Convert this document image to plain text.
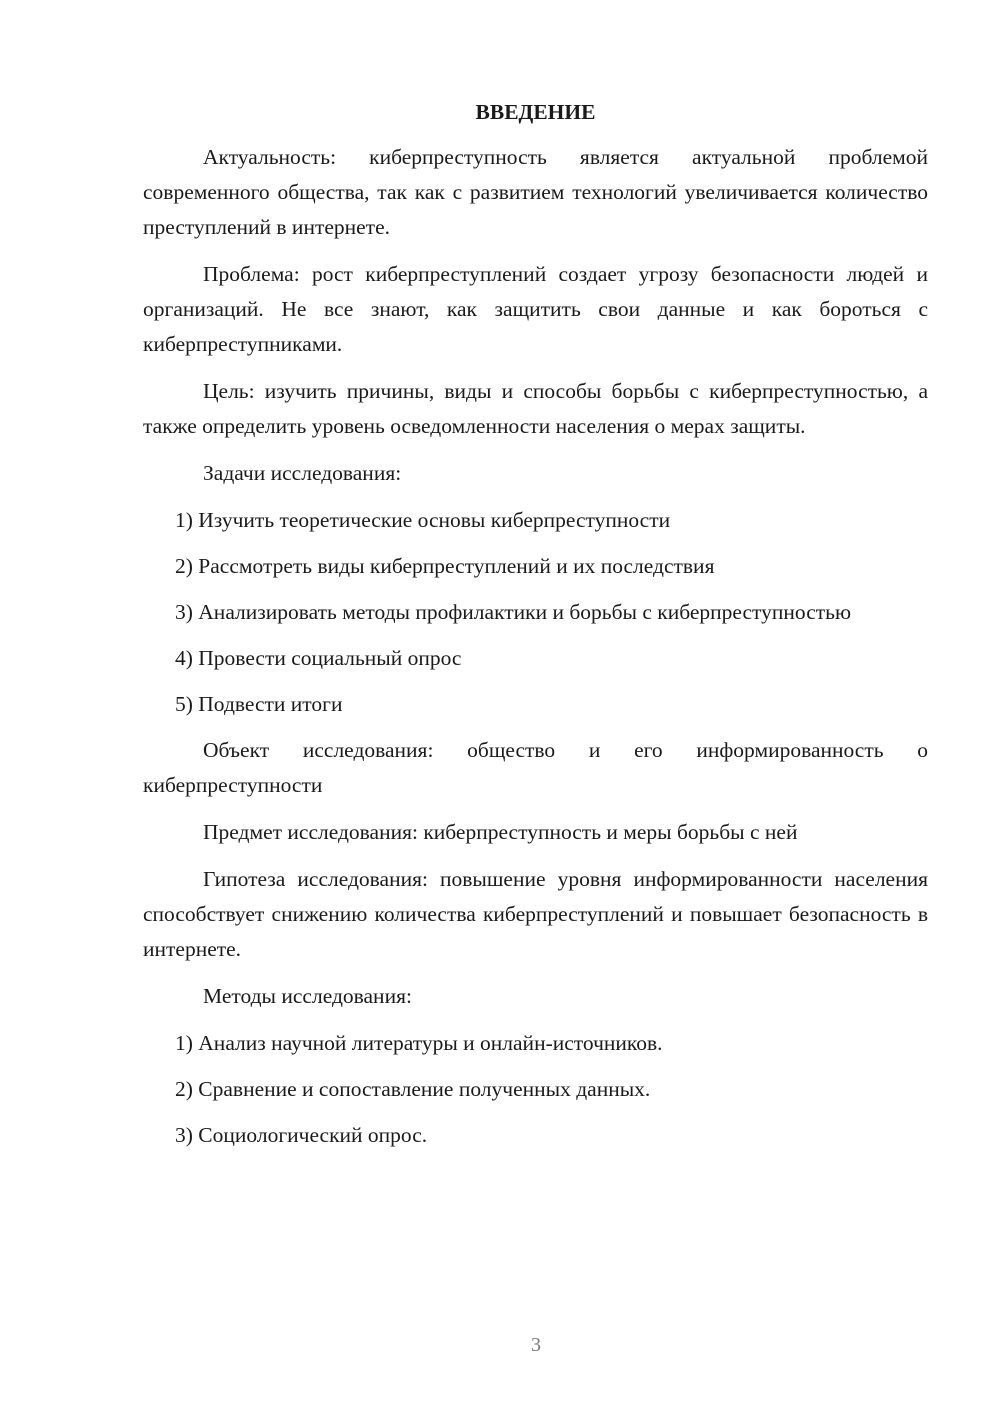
ВВЕДЕНИЕ

Актуальность: киберпреступность является актуальной проблемой современного общества, так как с развитием технологий увеличивается количество преступлений в интернете.

Проблема: рост киберпреступлений создает угрозу безопасности людей и организаций. Не все знают, как защитить свои данные и как бороться с киберпреступниками.

Цель: изучить причины, виды и способы борьбы с киберпреступностью, а также определить уровень осведомленности населения о мерах защиты.

Задачи исследования:

1) Изучить теоретические основы киберпреступности

2) Рассмотреть виды киберпреступлений и их последствия

3) Анализировать методы профилактики и борьбы с киберпреступностью

4) Провести социальный опрос

5) Подвести итоги

Объект исследования: общество и его информированность о киберпреступности

Предмет исследования: киберпреступность и меры борьбы с ней

Гипотеза исследования: повышение уровня информированности населения способствует снижению количества киберпреступлений и повышает безопасность в интернете.

Методы исследования:

1) Анализ научной литературы и онлайн-источников.

2) Сравнение и сопоставление полученных данных.

3) Социологический опрос.

3
